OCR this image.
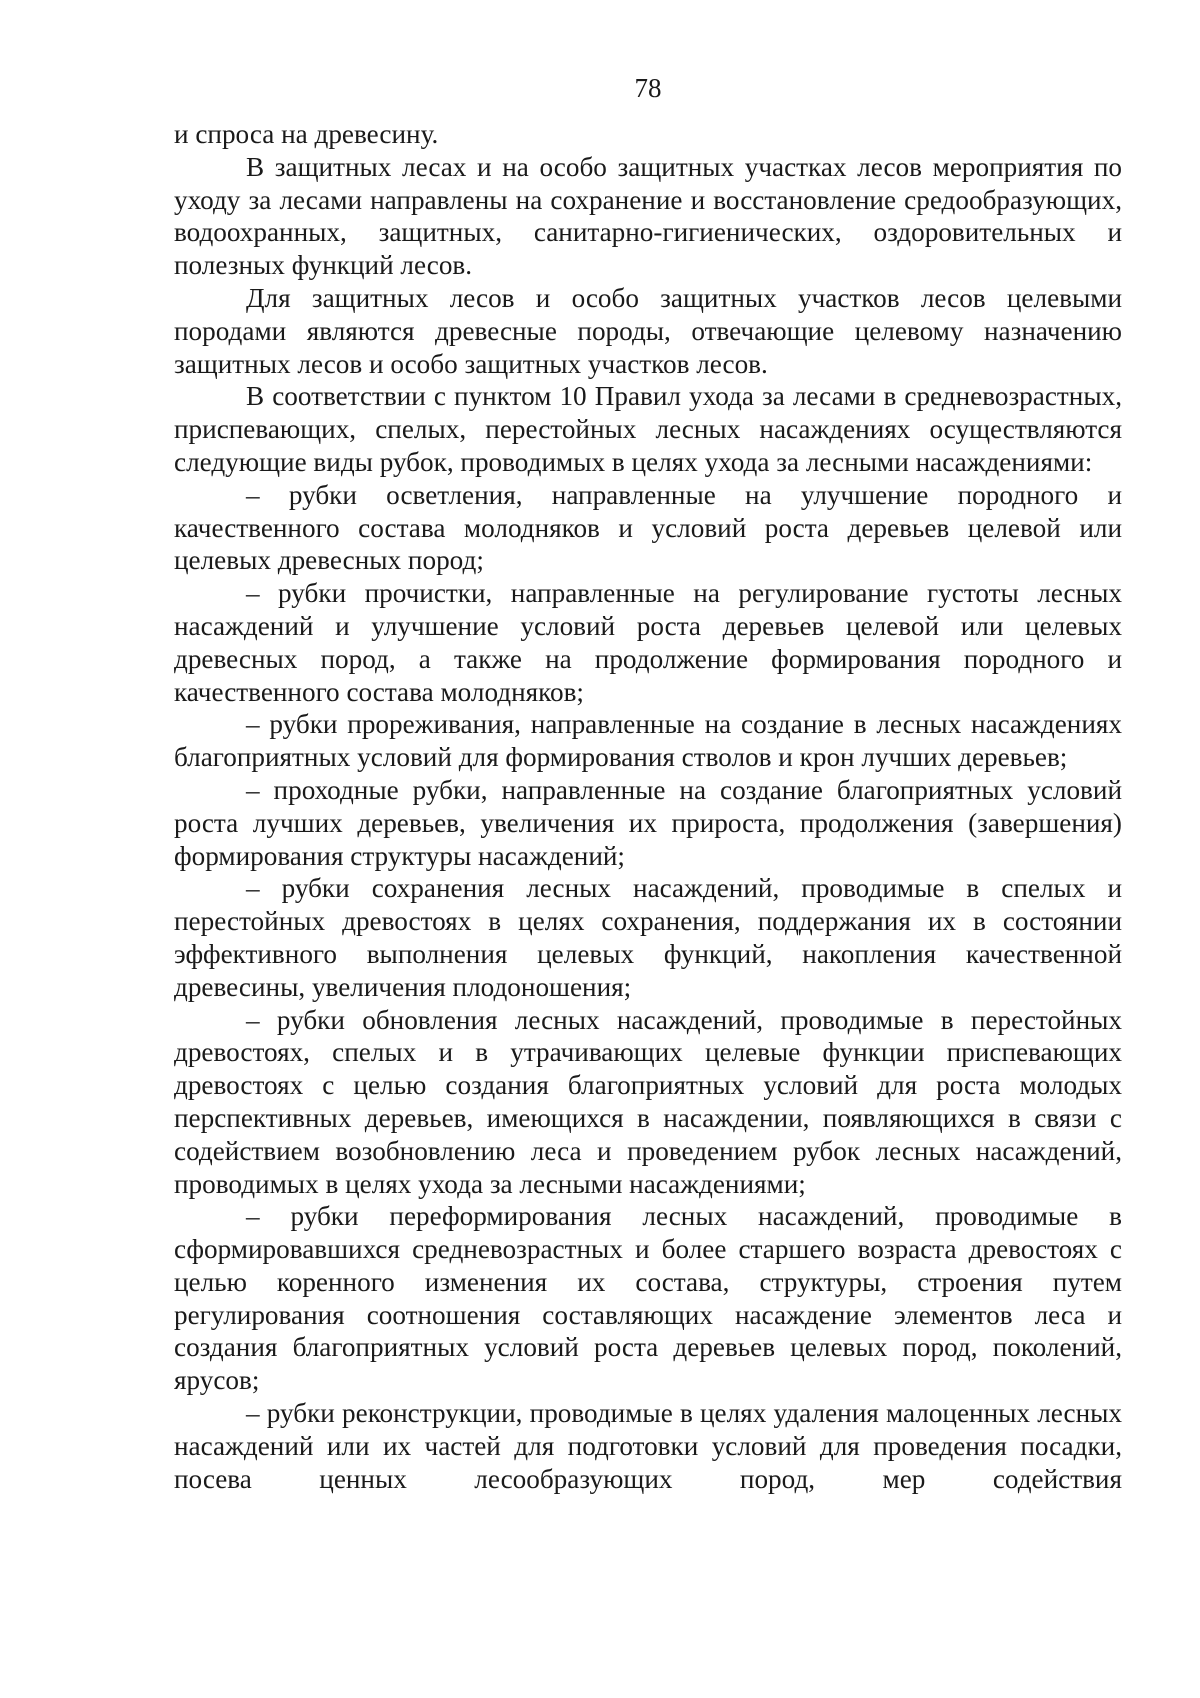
78

и спроса на древесину.

В защитных лесах и на особо защитных участках лесов мероприятия по уходу за лесами направлены на сохранение и восстановление средообразующих, водоохранных, защитных, санитарно-гигиенических, оздоровительных и полезных функций лесов.

Для защитных лесов и особо защитных участков лесов целевыми породами являются древесные породы, отвечающие целевому назначению защитных лесов и особо защитных участков лесов.

В соответствии с пунктом 10 Правил ухода за лесами в средневозрастных, приспевающих, спелых, перестойных лесных насаждениях осуществляются следующие виды рубок, проводимых в целях ухода за лесными насаждениями:

– рубки осветления, направленные на улучшение породного и качественного состава молодняков и условий роста деревьев целевой или целевых древесных пород;

– рубки прочистки, направленные на регулирование густоты лесных насаждений и улучшение условий роста деревьев целевой или целевых древесных пород, а также на продолжение формирования породного и качественного состава молодняков;

– рубки прореживания, направленные на создание в лесных насаждениях благоприятных условий для формирования стволов и крон лучших деревьев;

– проходные рубки, направленные на создание благоприятных условий роста лучших деревьев, увеличения их прироста, продолжения (завершения) формирования структуры насаждений;

– рубки сохранения лесных насаждений, проводимые в спелых и перестойных древостоях в целях сохранения, поддержания их в состоянии эффективного выполнения целевых функций, накопления качественной древесины, увеличения плодоношения;

– рубки обновления лесных насаждений, проводимые в перестойных древостоях, спелых и в утрачивающих целевые функции приспевающих древостоях с целью создания благоприятных условий для роста молодых перспективных деревьев, имеющихся в насаждении, появляющихся в связи с содействием возобновлению леса и проведением рубок лесных насаждений, проводимых в целях ухода за лесными насаждениями;

– рубки переформирования лесных насаждений, проводимые в сформировавшихся средневозрастных и более старшего возраста древостоях с целью коренного изменения их состава, структуры, строения путем регулирования соотношения составляющих насаждение элементов леса и создания благоприятных условий роста деревьев целевых пород, поколений, ярусов;

– рубки реконструкции, проводимые в целях удаления малоценных лесных насаждений или их частей для подготовки условий для проведения посадки, посева ценных лесообразующих пород, мер содействия
